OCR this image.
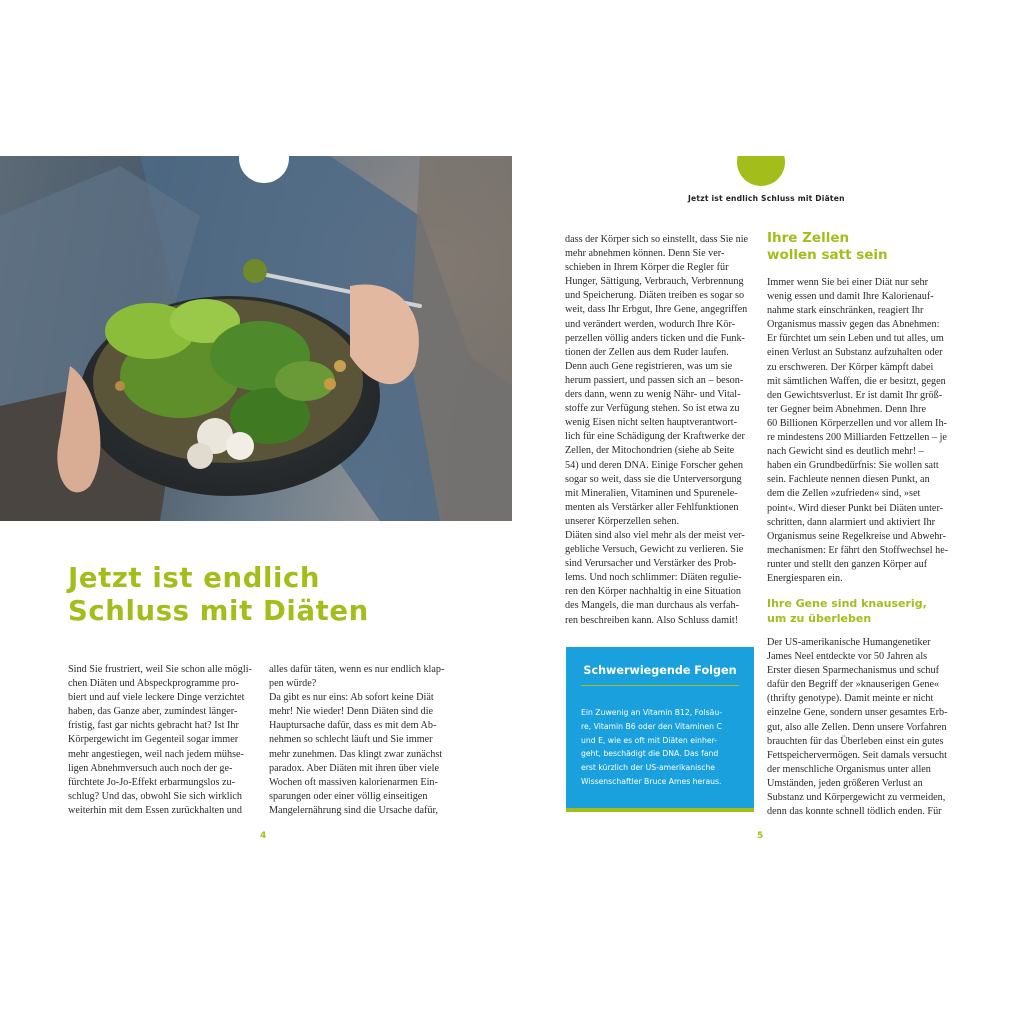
Jetzt ist endlich
Schluss mit Diäten
Sind Sie frustriert, weil Sie schon alle mögli-
chen Diäten und Abspeckprogramme pro-
biert und auf viele leckere Dinge verzichtet
haben, das Ganze aber, zumindest länger-
fristig, fast gar nichts gebracht hat? Ist Ihr
Körpergewicht im Gegenteil sogar immer
mehr angestiegen, weil nach jedem mühse-
ligen Abnehmversuch auch noch der ge-
fürchtete Jo-Jo-Effekt erbarmungslos zu-
schlug? Und das, obwohl Sie sich wirklich
weiterhin mit dem Essen zurückhalten und
alles dafür täten, wenn es nur endlich klap-
pen würde?
Da gibt es nur eins: Ab sofort keine Diät
mehr! Nie wieder! Denn Diäten sind die
Hauptursache dafür, dass es mit dem Ab-
nehmen so schlecht läuft und Sie immer
mehr zunehmen. Das klingt zwar zunächst
paradox. Aber Diäten mit ihren über viele
Wochen oft massiven kalorienarmen Ein-
sparungen oder einer völlig einseitigen
Mangelernährung sind die Ursache dafür,
4
Jetzt ist endlich Schluss mit Diäten
dass der Körper sich so einstellt, dass Sie nie
mehr abnehmen können. Denn Sie ver-
schieben in Ihrem Körper die Regler für
Hunger, Sättigung, Verbrauch, Verbrennung
und Speicherung. Diäten treiben es sogar so
weit, dass Ihr Erbgut, Ihre Gene, angegriffen
und verändert werden, wodurch Ihre Kör-
perzellen völlig anders ticken und die Funk-
tionen der Zellen aus dem Ruder laufen.
Denn auch Gene registrieren, was um sie
herum passiert, und passen sich an – beson-
ders dann, wenn zu wenig Nähr- und Vital-
stoffe zur Verfügung stehen. So ist etwa zu
wenig Eisen nicht selten hauptverantwort-
lich für eine Schädigung der Kraftwerke der
Zellen, der Mitochondrien (siehe ab Seite
54) und deren DNA. Einige Forscher gehen
sogar so weit, dass sie die Unterversorgung
mit Mineralien, Vitaminen und Spurenele-
menten als Verstärker aller Fehlfunktionen
unserer Körperzellen sehen.
Diäten sind also viel mehr als der meist ver-
gebliche Versuch, Gewicht zu verlieren. Sie
sind Verursacher und Verstärker des Prob-
lems. Und noch schlimmer: Diäten regulie-
ren den Körper nachhaltig in eine Situation
des Mangels, die man durchaus als verfah-
ren beschreiben kann. Also Schluss damit!

Schwerwiegende Folgen

Ein Zuwenig an Vitamin B12, Folsäu-
re, Vitamin B6 oder den Vitaminen C
und E, wie es oft mit Diäten einher-
geht, beschädigt die DNA. Das fand
erst kürzlich der US-amerikanische
Wissenschaftler Bruce Ames heraus.

Ihre Zellen
wollen satt sein
Immer wenn Sie bei einer Diät nur sehr
wenig essen und damit Ihre Kalorienauf-
nahme stark einschränken, reagiert Ihr
Organismus massiv gegen das Abnehmen:
Er fürchtet um sein Leben und tut alles, um
einen Verlust an Substanz aufzuhalten oder
zu erschweren. Der Körper kämpft dabei
mit sämtlichen Waffen, die er besitzt, gegen
den Gewichtsverlust. Er ist damit Ihr größ-
ter Gegner beim Abnehmen. Denn Ihre
60 Billionen Körperzellen und vor allem Ih-
re mindestens 200 Milliarden Fettzellen – je
nach Gewicht sind es deutlich mehr! –
haben ein Grundbedürfnis: Sie wollen satt
sein. Fachleute nennen diesen Punkt, an
dem die Zellen »zufrieden« sind, »set
point«. Wird dieser Punkt bei Diäten unter-
schritten, dann alarmiert und aktiviert Ihr
Organismus seine Regelkreise und Abwehr-
mechanismen: Er fährt den Stoffwechsel he-
runter und stellt den ganzen Körper auf
Energiesparen ein.
Ihre Gene sind knauserig,
um zu überleben
Der US-amerikanische Humangenetiker
James Neel entdeckte vor 50 Jahren als
Erster diesen Sparmechanismus und schuf
dafür den Begriff der »knauserigen Gene«
(thrifty genotype). Damit meinte er nicht
einzelne Gene, sondern unser gesamtes Erb-
gut, also alle Zellen. Denn unsere Vorfahren
brauchten für das Überleben einst ein gutes
Fettspeichervermögen. Seit damals versucht
der menschliche Organismus unter allen
Umständen, jeden größeren Verlust an
Substanz und Körpergewicht zu vermeiden,
denn das konnte schnell tödlich enden. Für
5
